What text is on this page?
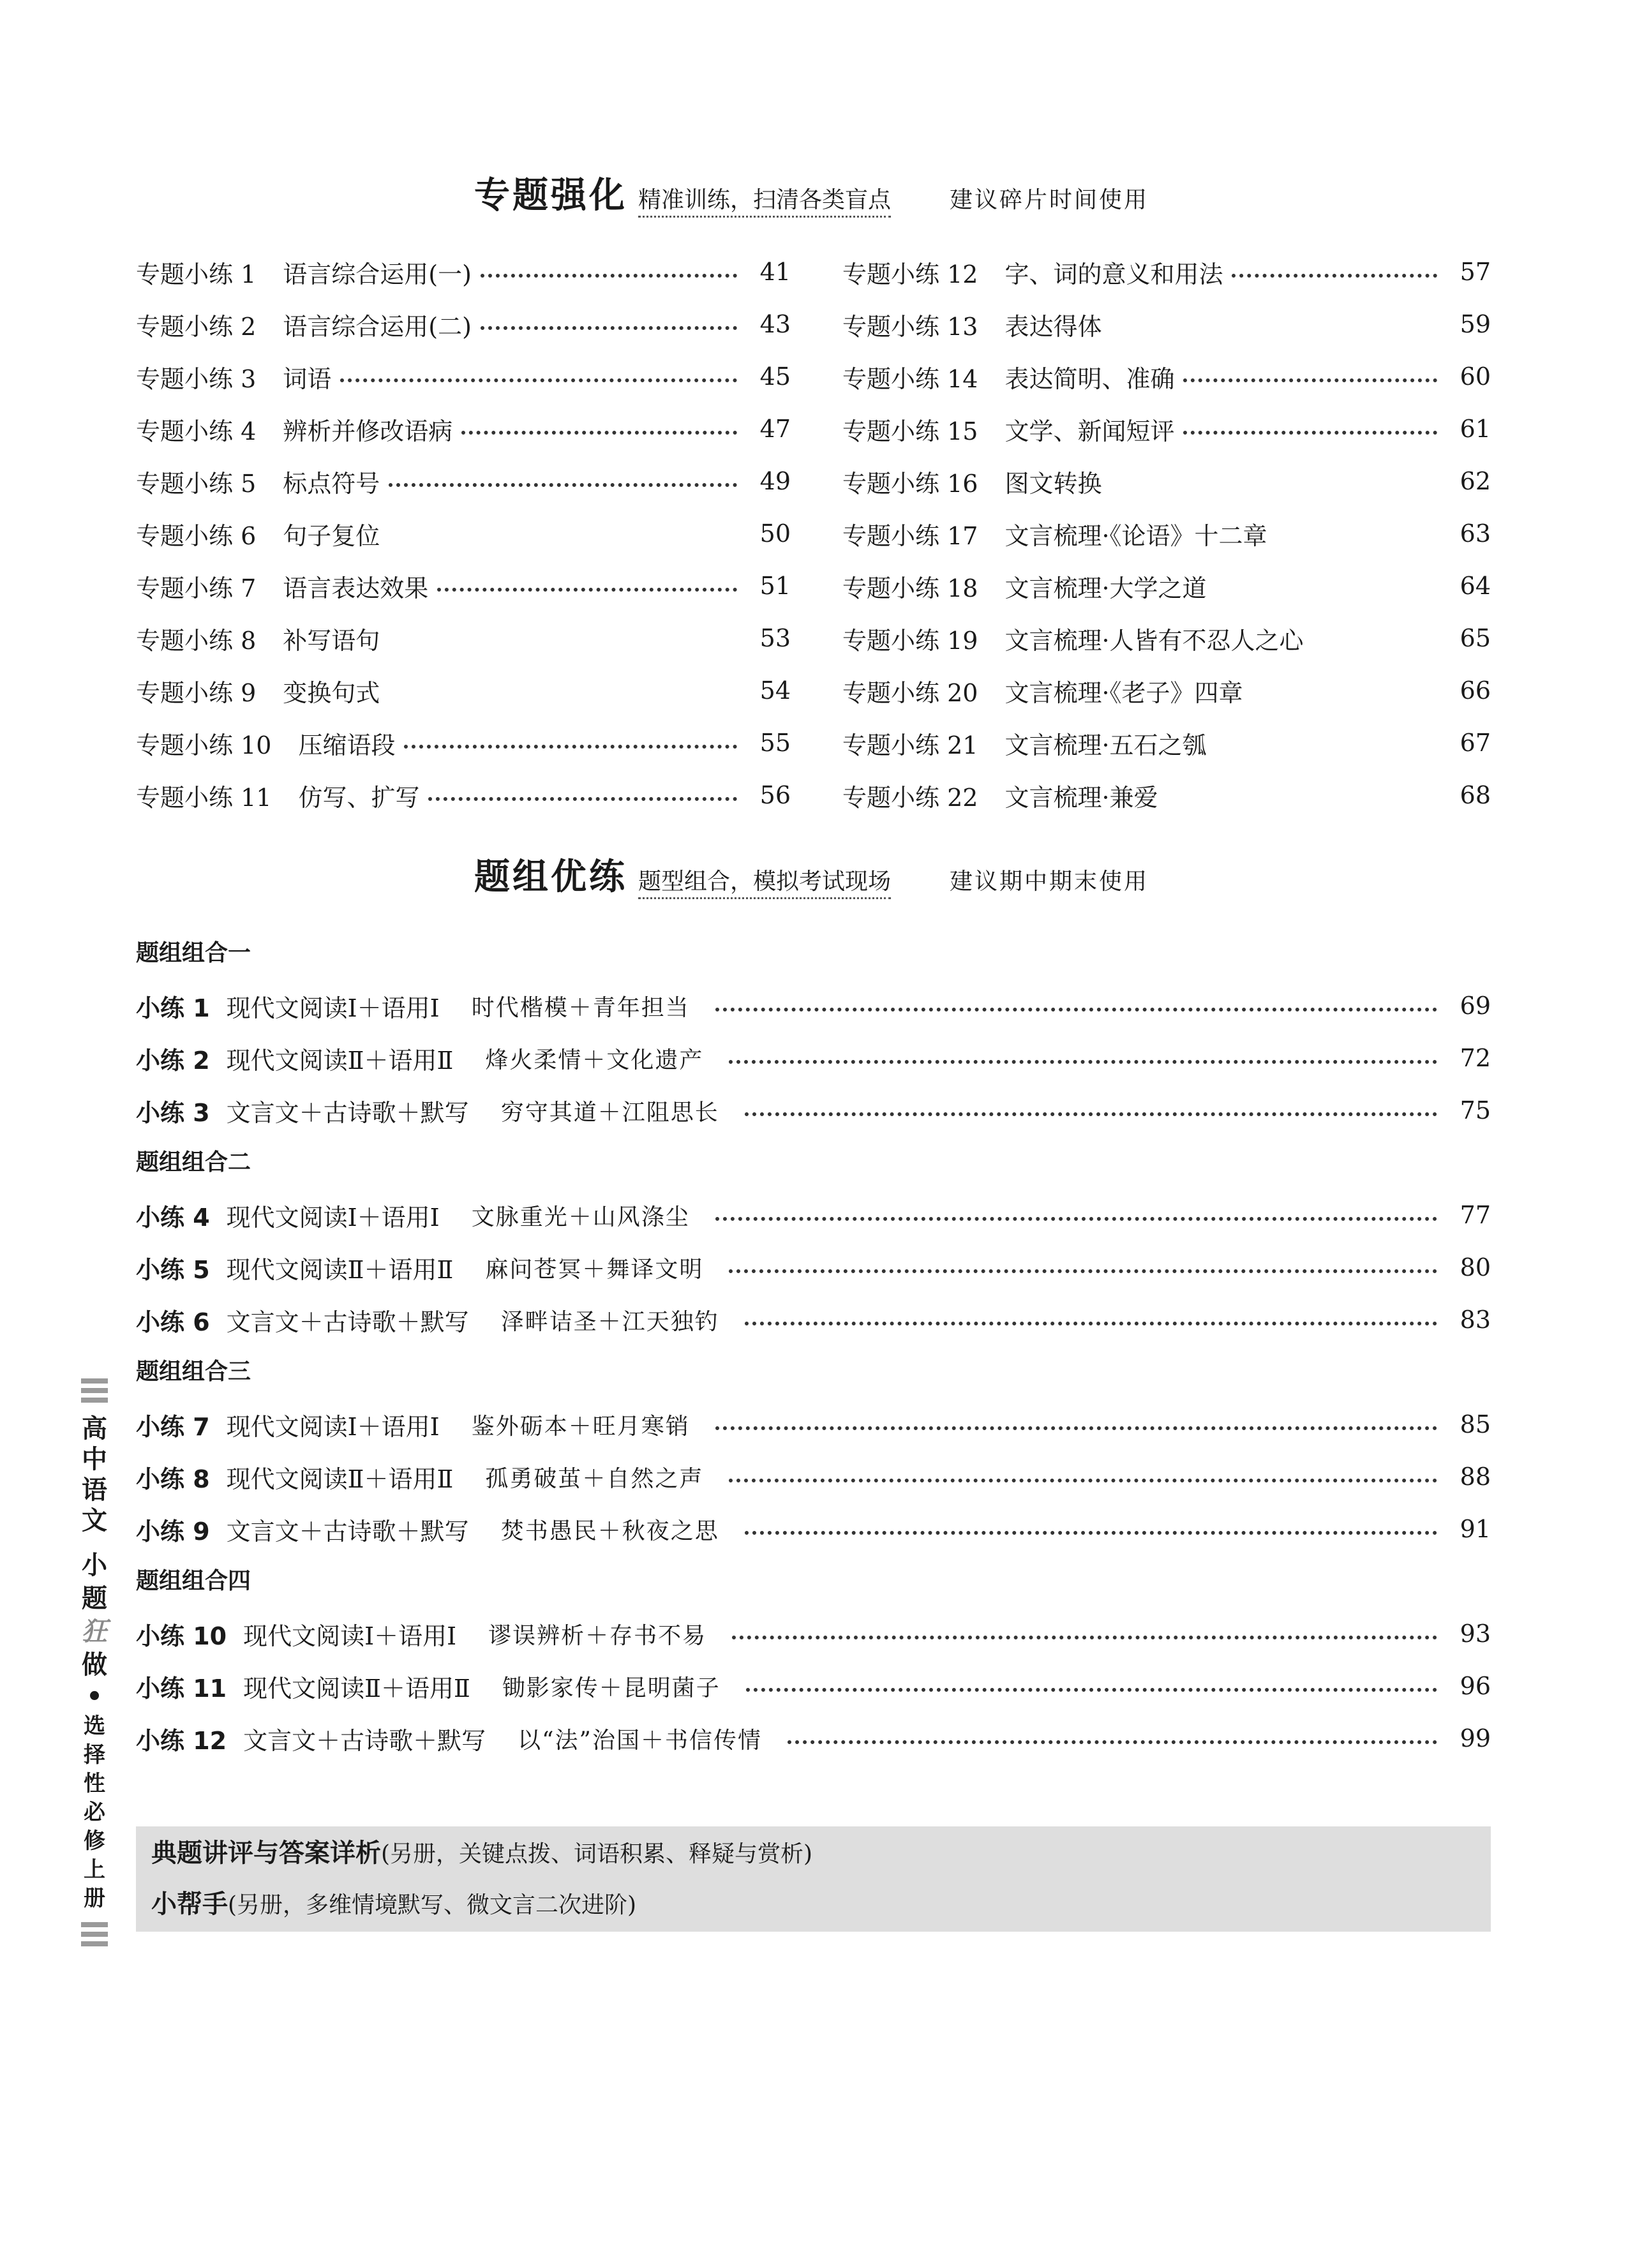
专题强化 精准训练，扫清各类盲点	建议碎片时间使用
专题小练 1 语言综合运用(一)	41
专题小练 2 语言综合运用(二)	43
专题小练 3 词语	45
专题小练 4 辨析并修改语病	47
专题小练 5 标点符号	49
专题小练 6 句子复位	50
专题小练 7 语言表达效果	51
专题小练 8 补写语句	53
专题小练 9 变换句式	54
专题小练 10 压缩语段	55
专题小练 11 仿写、扩写	56
专题小练 12 字、词的意义和用法	57
专题小练 13 表达得体	59
专题小练 14 表达简明、准确	60
专题小练 15 文学、新闻短评	61
专题小练 16 图文转换	62
专题小练 17 文言梳理·《论语》十二章	63
专题小练 18 文言梳理·大学之道	64
专题小练 19 文言梳理·人皆有不忍人之心	65
专题小练 20 文言梳理·《老子》四章	66
专题小练 21 文言梳理·五石之瓠	67
专题小练 22 文言梳理·兼爱	68
题组优练 题型组合，模拟考试现场	建议期中期末使用
题组组合一
小练 1 现代文阅读Ⅰ＋语用Ⅰ 时代楷模＋青年担当	69
小练 2 现代文阅读Ⅱ＋语用Ⅱ 烽火柔情＋文化遗产	72
小练 3 文言文＋古诗歌＋默写 穷守其道＋江阻思长	75
题组组合二
小练 4 现代文阅读Ⅰ＋语用Ⅰ 文脉重光＋山风涤尘	77
小练 5 现代文阅读Ⅱ＋语用Ⅱ 麻问苍冥＋舞译文明	80
小练 6 文言文＋古诗歌＋默写 泽畔诘圣＋江天独钓	83
题组组合三
小练 7 现代文阅读Ⅰ＋语用Ⅰ 鉴外砺本＋旺月寒销	85
小练 8 现代文阅读Ⅱ＋语用Ⅱ 孤勇破茧＋自然之声	88
小练 9 文言文＋古诗歌＋默写 焚书愚民＋秋夜之思	91
题组组合四
小练 10 现代文阅读Ⅰ＋语用Ⅰ 谬误辨析＋存书不易	93
小练 11 现代文阅读Ⅱ＋语用Ⅱ 锄影家传＋昆明菌子	96
小练 12 文言文＋古诗歌＋默写 以“法”治国＋书信传情	99
典题讲评与答案详析(另册，关键点拨、词语积累、释疑与赏析)
小帮手(另册，多维情境默写、微文言二次进阶)
高中语文
小题
狂
做
•
选择性必修上册
